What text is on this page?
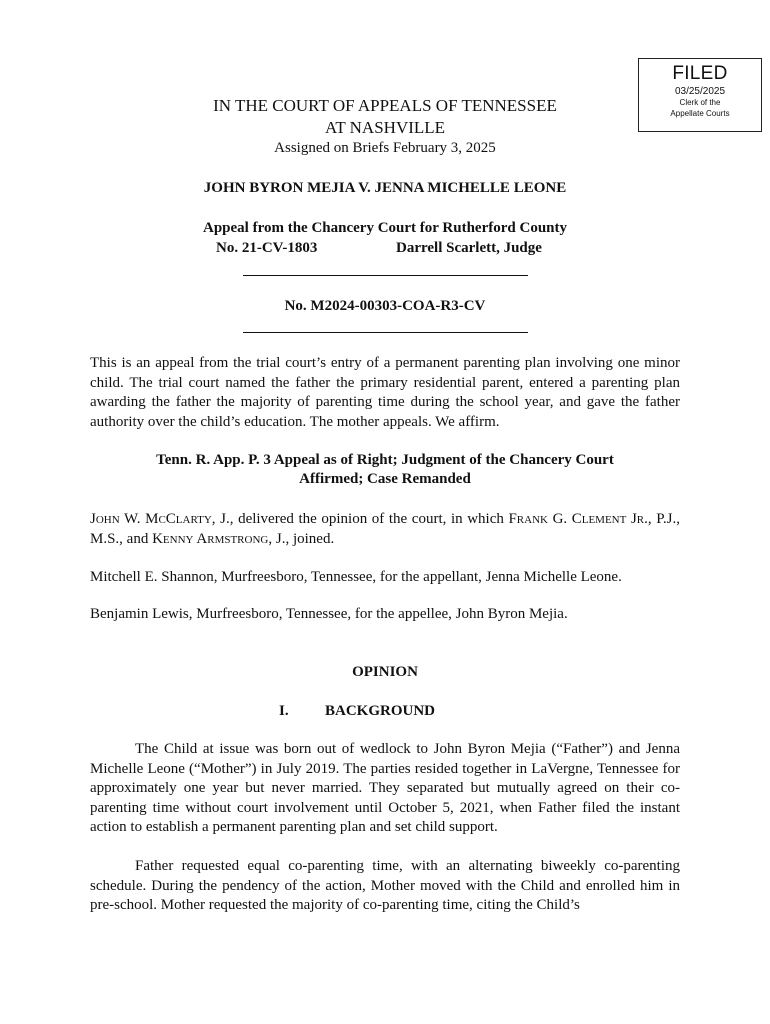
FILED
03/25/2025
Clerk of the
Appellate Courts
IN THE COURT OF APPEALS OF TENNESSEE
AT NASHVILLE
Assigned on Briefs February 3, 2025
JOHN BYRON MEJIA V. JENNA MICHELLE LEONE
Appeal from the Chancery Court for Rutherford County
No. 21-CV-1803	Darrell Scarlett, Judge
No. M2024-00303-COA-R3-CV
This is an appeal from the trial court’s entry of a permanent parenting plan involving one minor child. The trial court named the father the primary residential parent, entered a parenting plan awarding the father the majority of parenting time during the school year, and gave the father authority over the child’s education. The mother appeals. We affirm.
Tenn. R. App. P. 3 Appeal as of Right; Judgment of the Chancery Court
Affirmed; Case Remanded
John W. McClarty, J., delivered the opinion of the court, in which Frank G. Clement Jr., P.J., M.S., and Kenny Armstrong, J., joined.
Mitchell E. Shannon, Murfreesboro, Tennessee, for the appellant, Jenna Michelle Leone.
Benjamin Lewis, Murfreesboro, Tennessee, for the appellee, John Byron Mejia.
OPINION
I. BACKGROUND
The Child at issue was born out of wedlock to John Byron Mejia (“Father”) and Jenna Michelle Leone (“Mother”) in July 2019. The parties resided together in LaVergne, Tennessee for approximately one year but never married. They separated but mutually agreed on their co-parenting time without court involvement until October 5, 2021, when Father filed the instant action to establish a permanent parenting plan and set child support.
Father requested equal co-parenting time, with an alternating biweekly co-parenting schedule. During the pendency of the action, Mother moved with the Child and enrolled him in pre-school. Mother requested the majority of co-parenting time, citing the Child’s
